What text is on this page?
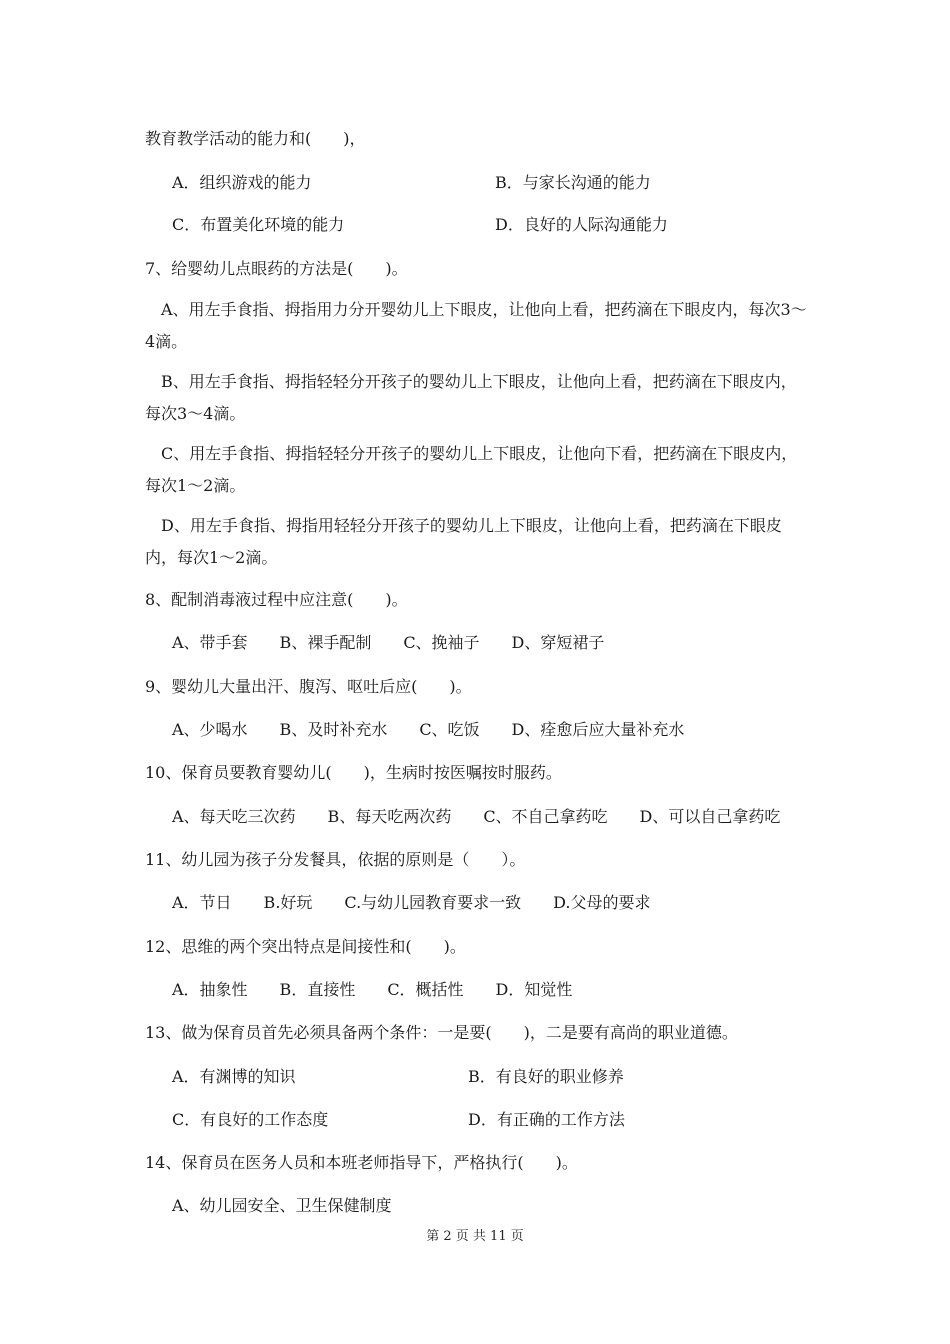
教育教学活动的能力和(　　)，
A．组织游戏的能力	B．与家长沟通的能力
C．布置美化环境的能力	D．良好的人际沟通能力
7、给婴幼儿点眼药的方法是(　　)。
　A、用左手食指、拇指用力分开婴幼儿上下眼皮，让他向上看，把药滴在下眼皮内，每次3～4滴。
　B、用左手食指、拇指轻轻分开孩子的婴幼儿上下眼皮，让他向上看，把药滴在下眼皮内，每次3～4滴。
　C、用左手食指、拇指轻轻分开孩子的婴幼儿上下眼皮，让他向下看，把药滴在下眼皮内，每次1～2滴。
　D、用左手食指、拇指用轻轻分开孩子的婴幼儿上下眼皮，让他向上看，把药滴在下眼皮内，每次1～2滴。
8、配制消毒液过程中应注意(　　)。
A、带手套　　B、裸手配制　　C、挽袖子　　D、穿短裙子
9、婴幼儿大量出汗、腹泻、呕吐后应(　　)。
A、少喝水　　B、及时补充水　　C、吃饭　　D、痊愈后应大量补充水
10、保育员要教育婴幼儿(　　)，生病时按医嘱按时服药。
A、每天吃三次药　　B、每天吃两次药　　C、不自己拿药吃　　D、可以自己拿药吃
11、幼儿园为孩子分发餐具，依据的原则是（　　）。
A．节日　　B.好玩　　C.与幼儿园教育要求一致　　D.父母的要求
12、思维的两个突出特点是间接性和(　　)。
A．抽象性　　B．直接性　　C．概括性　　D．知觉性
13、做为保育员首先必须具备两个条件：一是要(　　)，二是要有高尚的职业道德。
A．有渊博的知识	B．有良好的职业修养
C．有良好的工作态度	D．有正确的工作方法
14、保育员在医务人员和本班老师指导下，严格执行(　　)。
A、幼儿园安全、卫生保健制度
第 2 页 共 11 页
